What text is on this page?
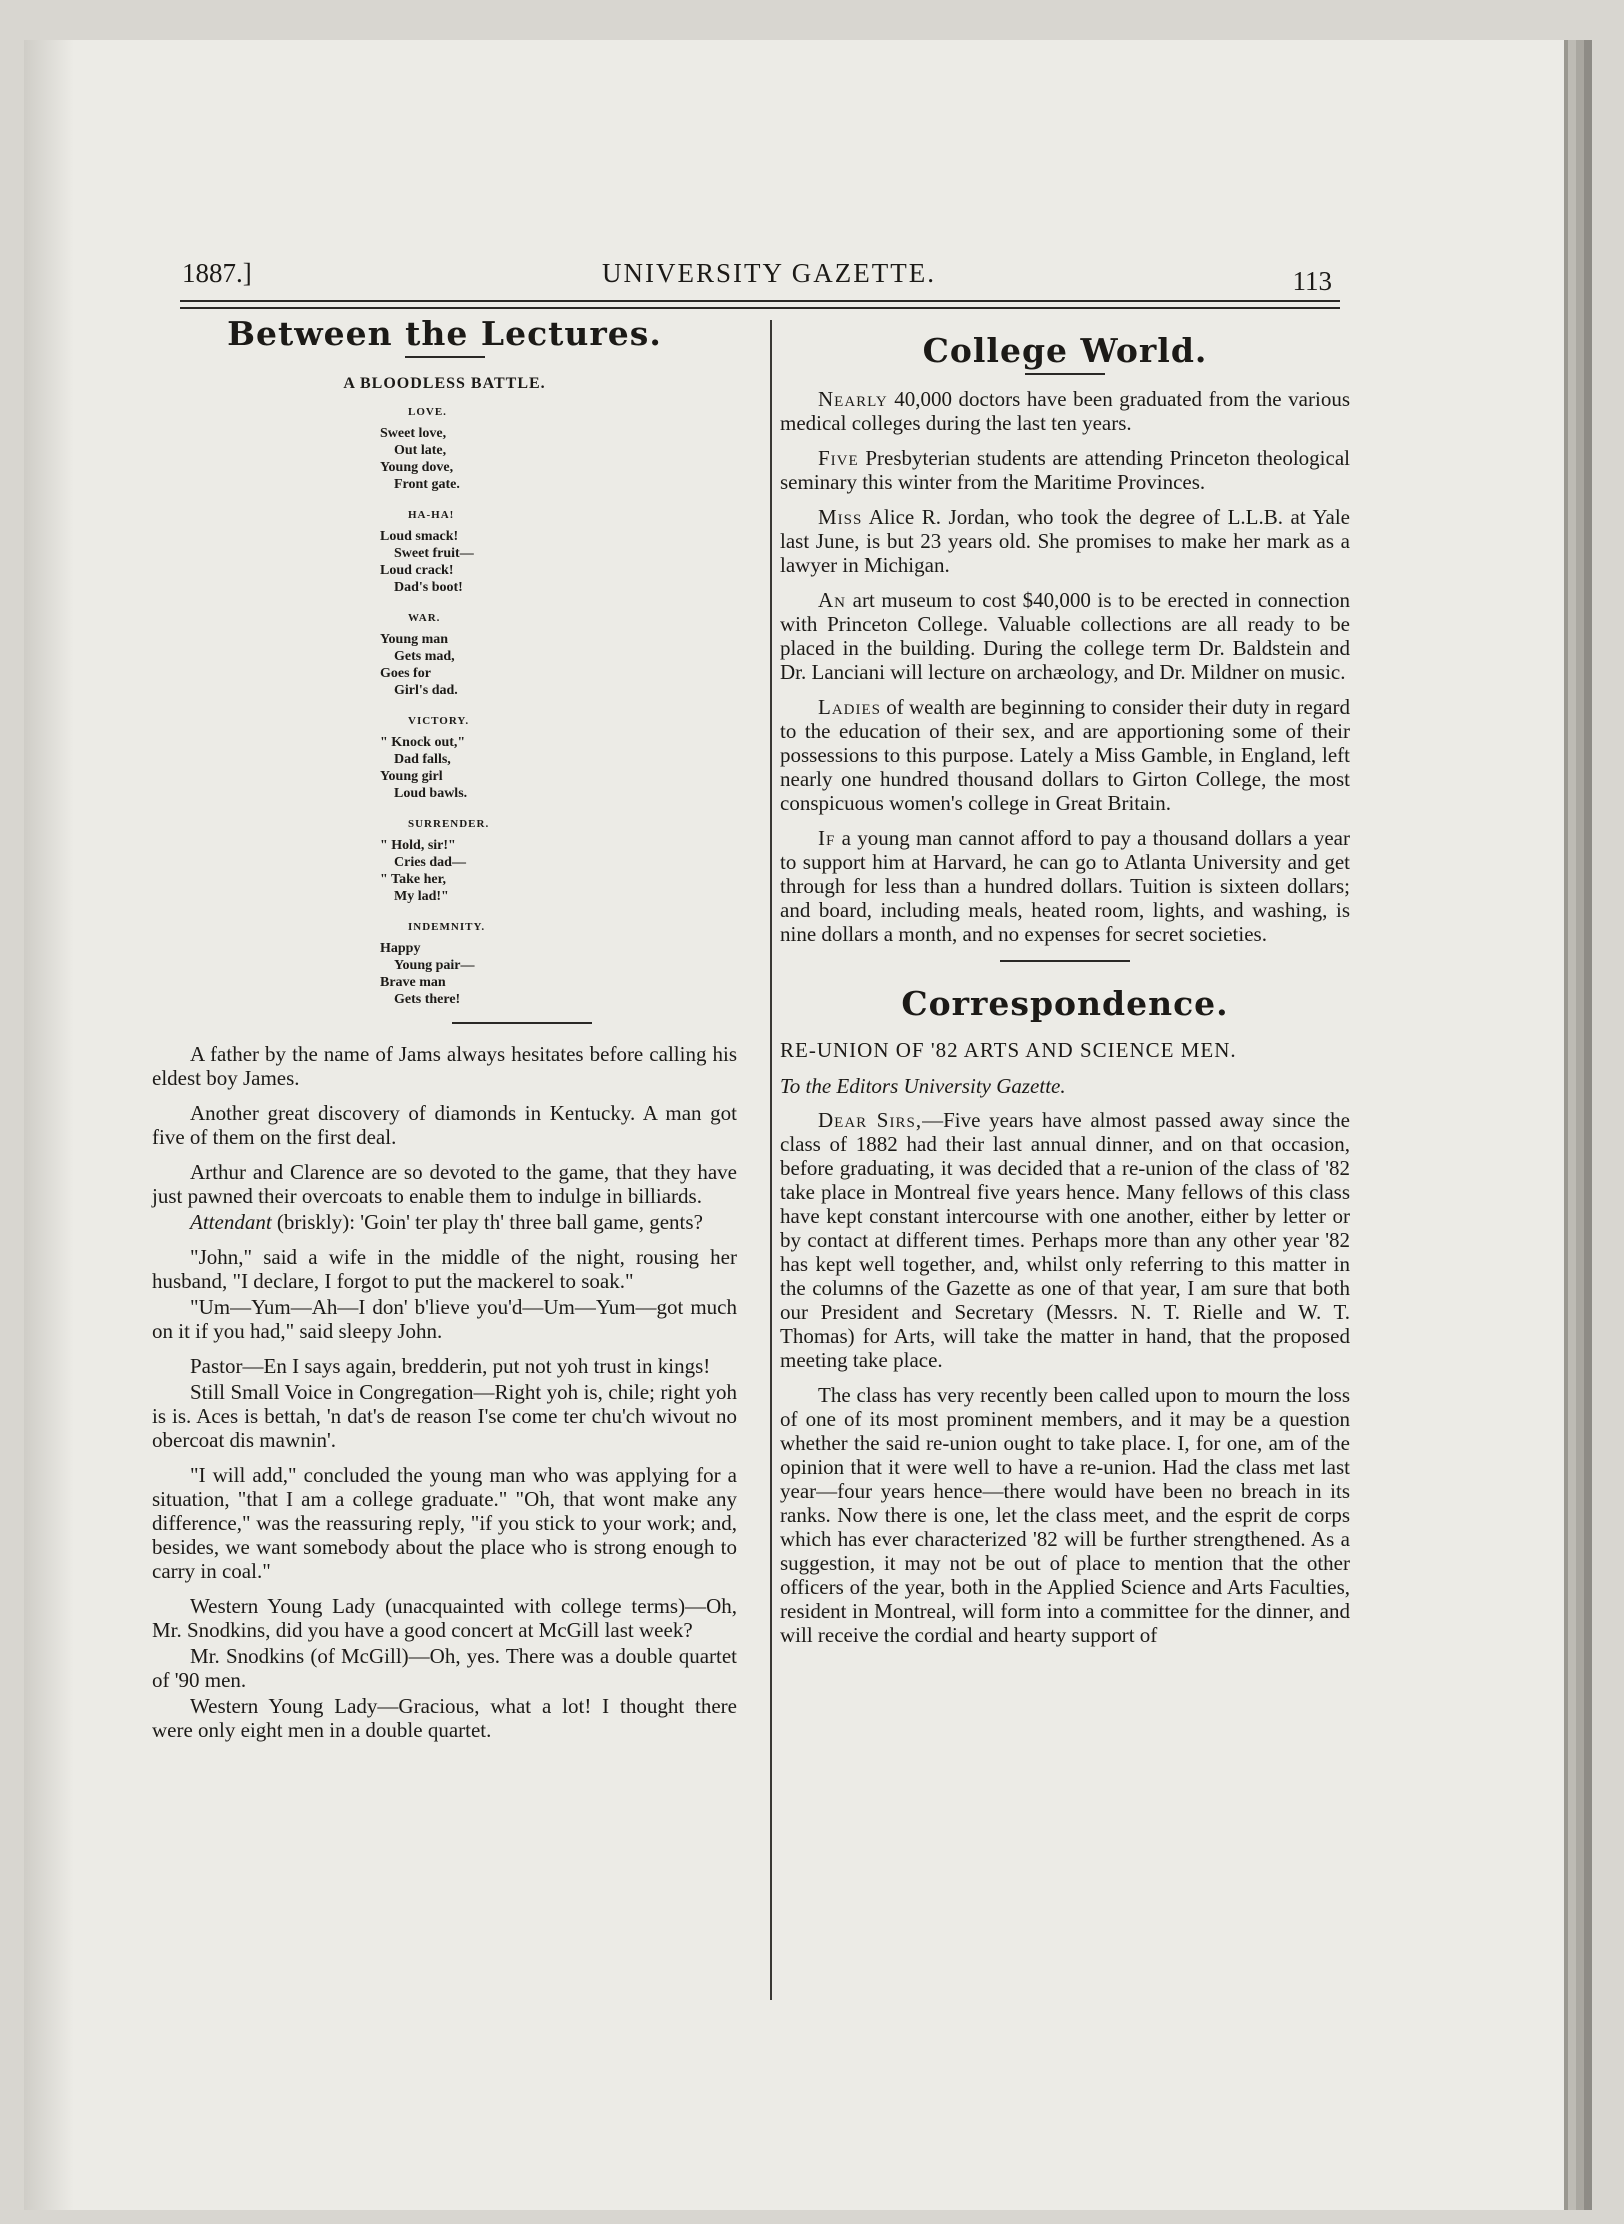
1887.]	UNIVERSITY GAZETTE.	113
Between the Lectures.
A BLOODLESS BATTLE.
LOVE.
Sweet love,
Out late,
Young dove,
Front gate.
HA-HA!
Loud smack!
Sweet fruit—
Loud crack!
Dad's boot!
WAR.
Young man
Gets mad,
Goes for
Girl's dad.
VICTORY.
" Knock out,"
Dad falls,
Young girl
Loud bawls.
SURRENDER.
" Hold, sir!"
Cries dad—
" Take her,
My lad!"
INDEMNITY.
Happy
Young pair—
Brave man
Gets there!

A father by the name of Jams always hesitates before calling his eldest boy James.

Another great discovery of diamonds in Kentucky. A man got five of them on the first deal.

Arthur and Clarence are so devoted to the game, that they have just pawned their overcoats to enable them to indulge in billiards.

Attendant (briskly): 'Goin' ter play th' three ball game, gents?

"John," said a wife in the middle of the night, rousing her husband, "I declare, I forgot to put the mackerel to soak."

"Um—Yum—Ah—I don' b'lieve you'd—Um—Yum—got much on it if you had," said sleepy John.

Pastor—En I says again, bredderin, put not yoh trust in kings!

Still Small Voice in Congregation—Right yoh is, chile; right yoh is is. Aces is bettah, 'n dat's de reason I'se come ter chu'ch wivout no obercoat dis mawnin'.

"I will add," concluded the young man who was applying for a situation, "that I am a college graduate." "Oh, that wont make any difference," was the reassuring reply, "if you stick to your work; and, besides, we want somebody about the place who is strong enough to carry in coal."

Western Young Lady (unacquainted with college terms)—Oh, Mr. Snodkins, did you have a good concert at McGill last week?

Mr. Snodkins (of McGill)—Oh, yes. There was a double quartet of '90 men.

Western Young Lady—Gracious, what a lot! I thought there were only eight men in a double quartet.

College World.

Nearly 40,000 doctors have been graduated from the various medical colleges during the last ten years.

Five Presbyterian students are attending Princeton theological seminary this winter from the Maritime Provinces.

Miss Alice R. Jordan, who took the degree of L.L.B. at Yale last June, is but 23 years old. She promises to make her mark as a lawyer in Michigan.

An art museum to cost $40,000 is to be erected in connection with Princeton College. Valuable collections are all ready to be placed in the building. During the college term Dr. Baldstein and Dr. Lanciani will lecture on archæology, and Dr. Mildner on music.

Ladies of wealth are beginning to consider their duty in regard to the education of their sex, and are apportioning some of their possessions to this purpose. Lately a Miss Gamble, in England, left nearly one hundred thousand dollars to Girton College, the most conspicuous women's college in Great Britain.

If a young man cannot afford to pay a thousand dollars a year to support him at Harvard, he can go to Atlanta University and get through for less than a hundred dollars. Tuition is sixteen dollars; and board, including meals, heated room, lights, and washing, is nine dollars a month, and no expenses for secret societies.

Correspondence.
RE-UNION OF '82 ARTS AND SCIENCE MEN.
To the Editors University Gazette.

Dear Sirs,—Five years have almost passed away since the class of 1882 had their last annual dinner, and on that occasion, before graduating, it was decided that a re-union of the class of '82 take place in Montreal five years hence. Many fellows of this class have kept constant intercourse with one another, either by letter or by contact at different times. Perhaps more than any other year '82 has kept well together, and, whilst only referring to this matter in the columns of the Gazette as one of that year, I am sure that both our President and Secretary (Messrs. N. T. Rielle and W. T. Thomas) for Arts, will take the matter in hand, that the proposed meeting take place.

The class has very recently been called upon to mourn the loss of one of its most prominent members, and it may be a question whether the said re-union ought to take place. I, for one, am of the opinion that it were well to have a re-union. Had the class met last year—four years hence—there would have been no breach in its ranks. Now there is one, let the class meet, and the esprit de corps which has ever characterized '82 will be further strengthened. As a suggestion, it may not be out of place to mention that the other officers of the year, both in the Applied Science and Arts Faculties, resident in Montreal, will form into a committee for the dinner, and will receive the cordial and hearty support of
